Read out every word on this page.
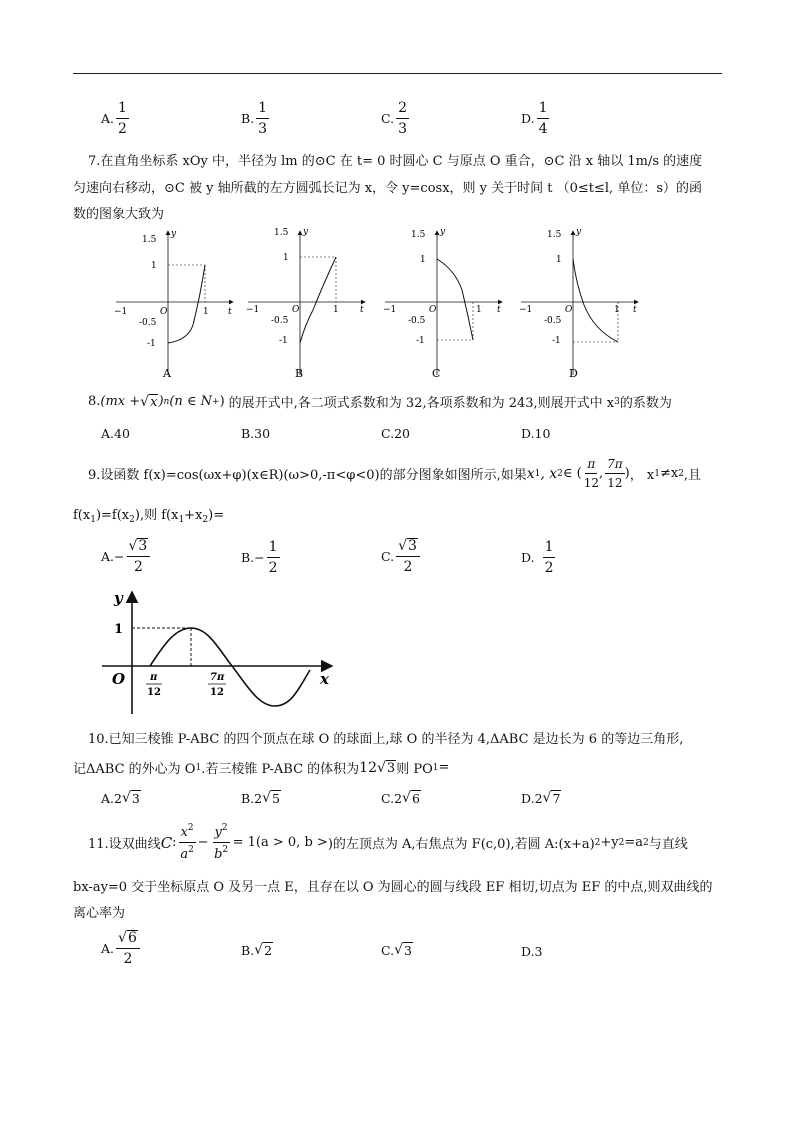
A. $\frac{1}{2}$	B. $\frac{1}{3}$	C. $\frac{2}{3}$	D. $\frac{1}{4}$
7.在直角坐标系 xOy 中，半径为 lm 的⊙C 在 t= 0 时圆心 C 与原点 O 重合，⊙C 沿 x 轴以 1m/s 的速度
匀速向右移动，⊙C 被 y 轴所截的左方圆弧长记为 x，令 y=cosx，则 y 关于时间 t （0≤t≤l, 单位：s）的函
数的图象大致为
1.5
y
1
-0.5
-1
−1	O	1 t
A
1.5 y
1
-0.5
-1
−1	O	1 t
B
1.5 y
1
-0.5
-1
−1	O	1 t
C
1.5 y
1
-0.5
-1
−1	O	1 t
D
8. (mx + √ x ) n (n ∈ N + ) 的展开式中,各二项式系数和为 32,各项系数和为 243,则展开式中 x 3 的系数为
A.40	B.30	C.20	D.10
9.设函数 f(x)=cos(ωx+φ)(x∈R)(ω>0,-π<φ<0)的部分图象如图所示,如果 x 1 , x 2 ∈ ( $\frac{\pi}{12}$ , $\frac{7\pi}{12}$ ) ， x 1 ≠x 2 ,且
$f(x_1)=f(x_2)$,则 $f(x_1+x_2)=$
A. − $\frac{√3}{2}$	B. − $\frac{1}{2}$	C. $\frac{√3}{2}$	D. $\frac{1}{2}$
y
x
O
1
π
12
7π
12
10.已知三棱锥 P-ABC 的四个顶点在球 O 的球面上,球 O 的半径为 4,ΔABC 是边长为 6 的等边三角形,
记ΔABC 的外心为 O 1 .若三棱锥 P-ABC 的体积为 12 √ 3 则 PO 1 =
A. 2 √ 3	B. 2 √ 5	C. 2 √ 6	D. 2 √ 7
11.设双曲线 C : $\frac{x^2}{a^2} - \frac{y^2}{b^2} = 1(a > 0$, b > )的左顶点为 A,右焦点为 F(c,0),若圆 A:(x+a) 2 +y 2 =a 2 与直线
bx-ay=0 交于坐标原点 O 及另一点 E，且存在以 O 为圆心的圆与线段 EF 相切,切点为 EF 的中点,则双曲线的
离心率为
A. $\frac{√6}{2}$	B. √ 2	C. √ 3	D.3
